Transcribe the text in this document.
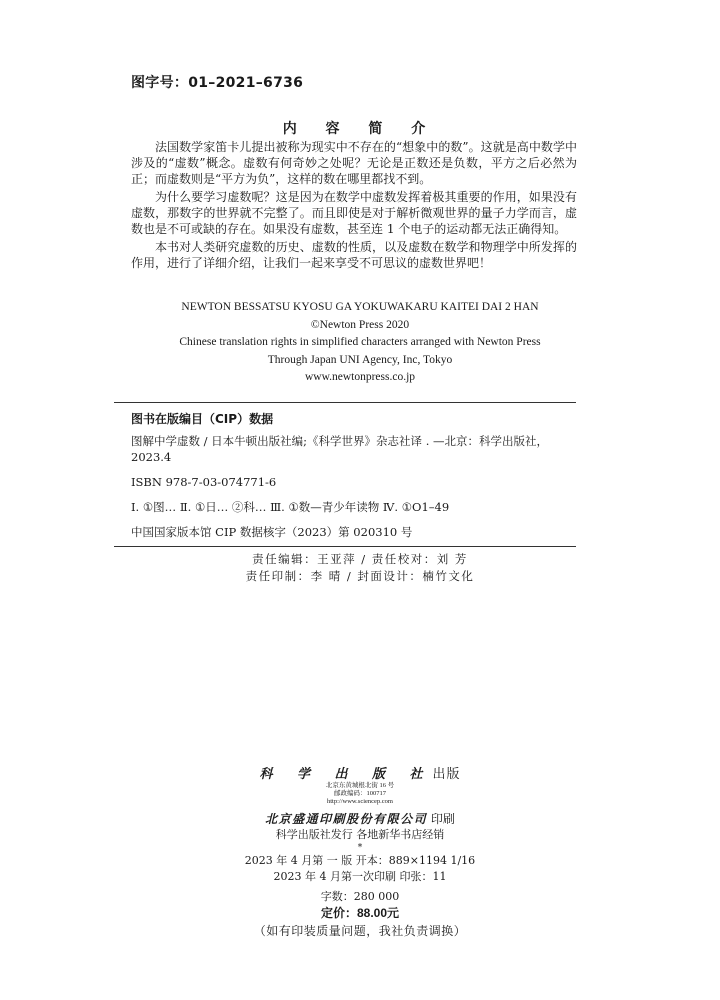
图字号：01–2021–6736
内 容 简 介

法国数学家笛卡儿提出被称为现实中不存在的“想象中的数”。这就是高中数学中涉及的“虚数”概念。虚数有何奇妙之处呢？无论是正数还是负数，平方之后必然为正；而虚数则是“平方为负”，这样的数在哪里都找不到。

为什么要学习虚数呢？这是因为在数学中虚数发挥着极其重要的作用，如果没有虚数，那数字的世界就不完整了。而且即使是对于解析微观世界的量子力学而言，虚数也是不可或缺的存在。如果没有虚数，甚至连 1 个电子的运动都无法正确得知。

本书对人类研究虚数的历史、虚数的性质，以及虚数在数学和物理学中所发挥的作用，进行了详细介绍，让我们一起来享受不可思议的虚数世界吧！

NEWTON BESSATSU KYOSU GA YOKUWAKARU KAITEI DAI 2 HAN
©Newton Press 2020
Chinese translation rights in simplified characters arranged with Newton Press
Through Japan UNI Agency, Inc, Tokyo
www.newtonpress.co.jp
图书在版编目（CIP）数据
图解中学虚数 / 日本牛顿出版社编;《科学世界》杂志社译 . —北京：科学出版社，
2023.4
ISBN 978-7-03-074771-6
Ⅰ. ①图… Ⅱ. ①日… ②科… Ⅲ. ①数—青少年读物 Ⅳ. ①O1–49
中国国家版本馆 CIP 数据核字（2023）第 020310 号
责任编辑：王亚萍 / 责任校对：刘 芳
责任印制：李 晴 / 封面设计：楠竹文化
科 学 出 版 社出版
北京东黄城根北街 16 号
邮政编码：100717
http://www.sciencep.com
北京盛通印刷股份有限公司 印刷
科学出版社发行 各地新华书店经销
*
2023 年 4 月第 一 版 开本：889×1194 1/16
2023 年 4 月第一次印刷 印张：11
字数：280 000
定价：88.00元
（如有印装质量问题，我社负责调换）
